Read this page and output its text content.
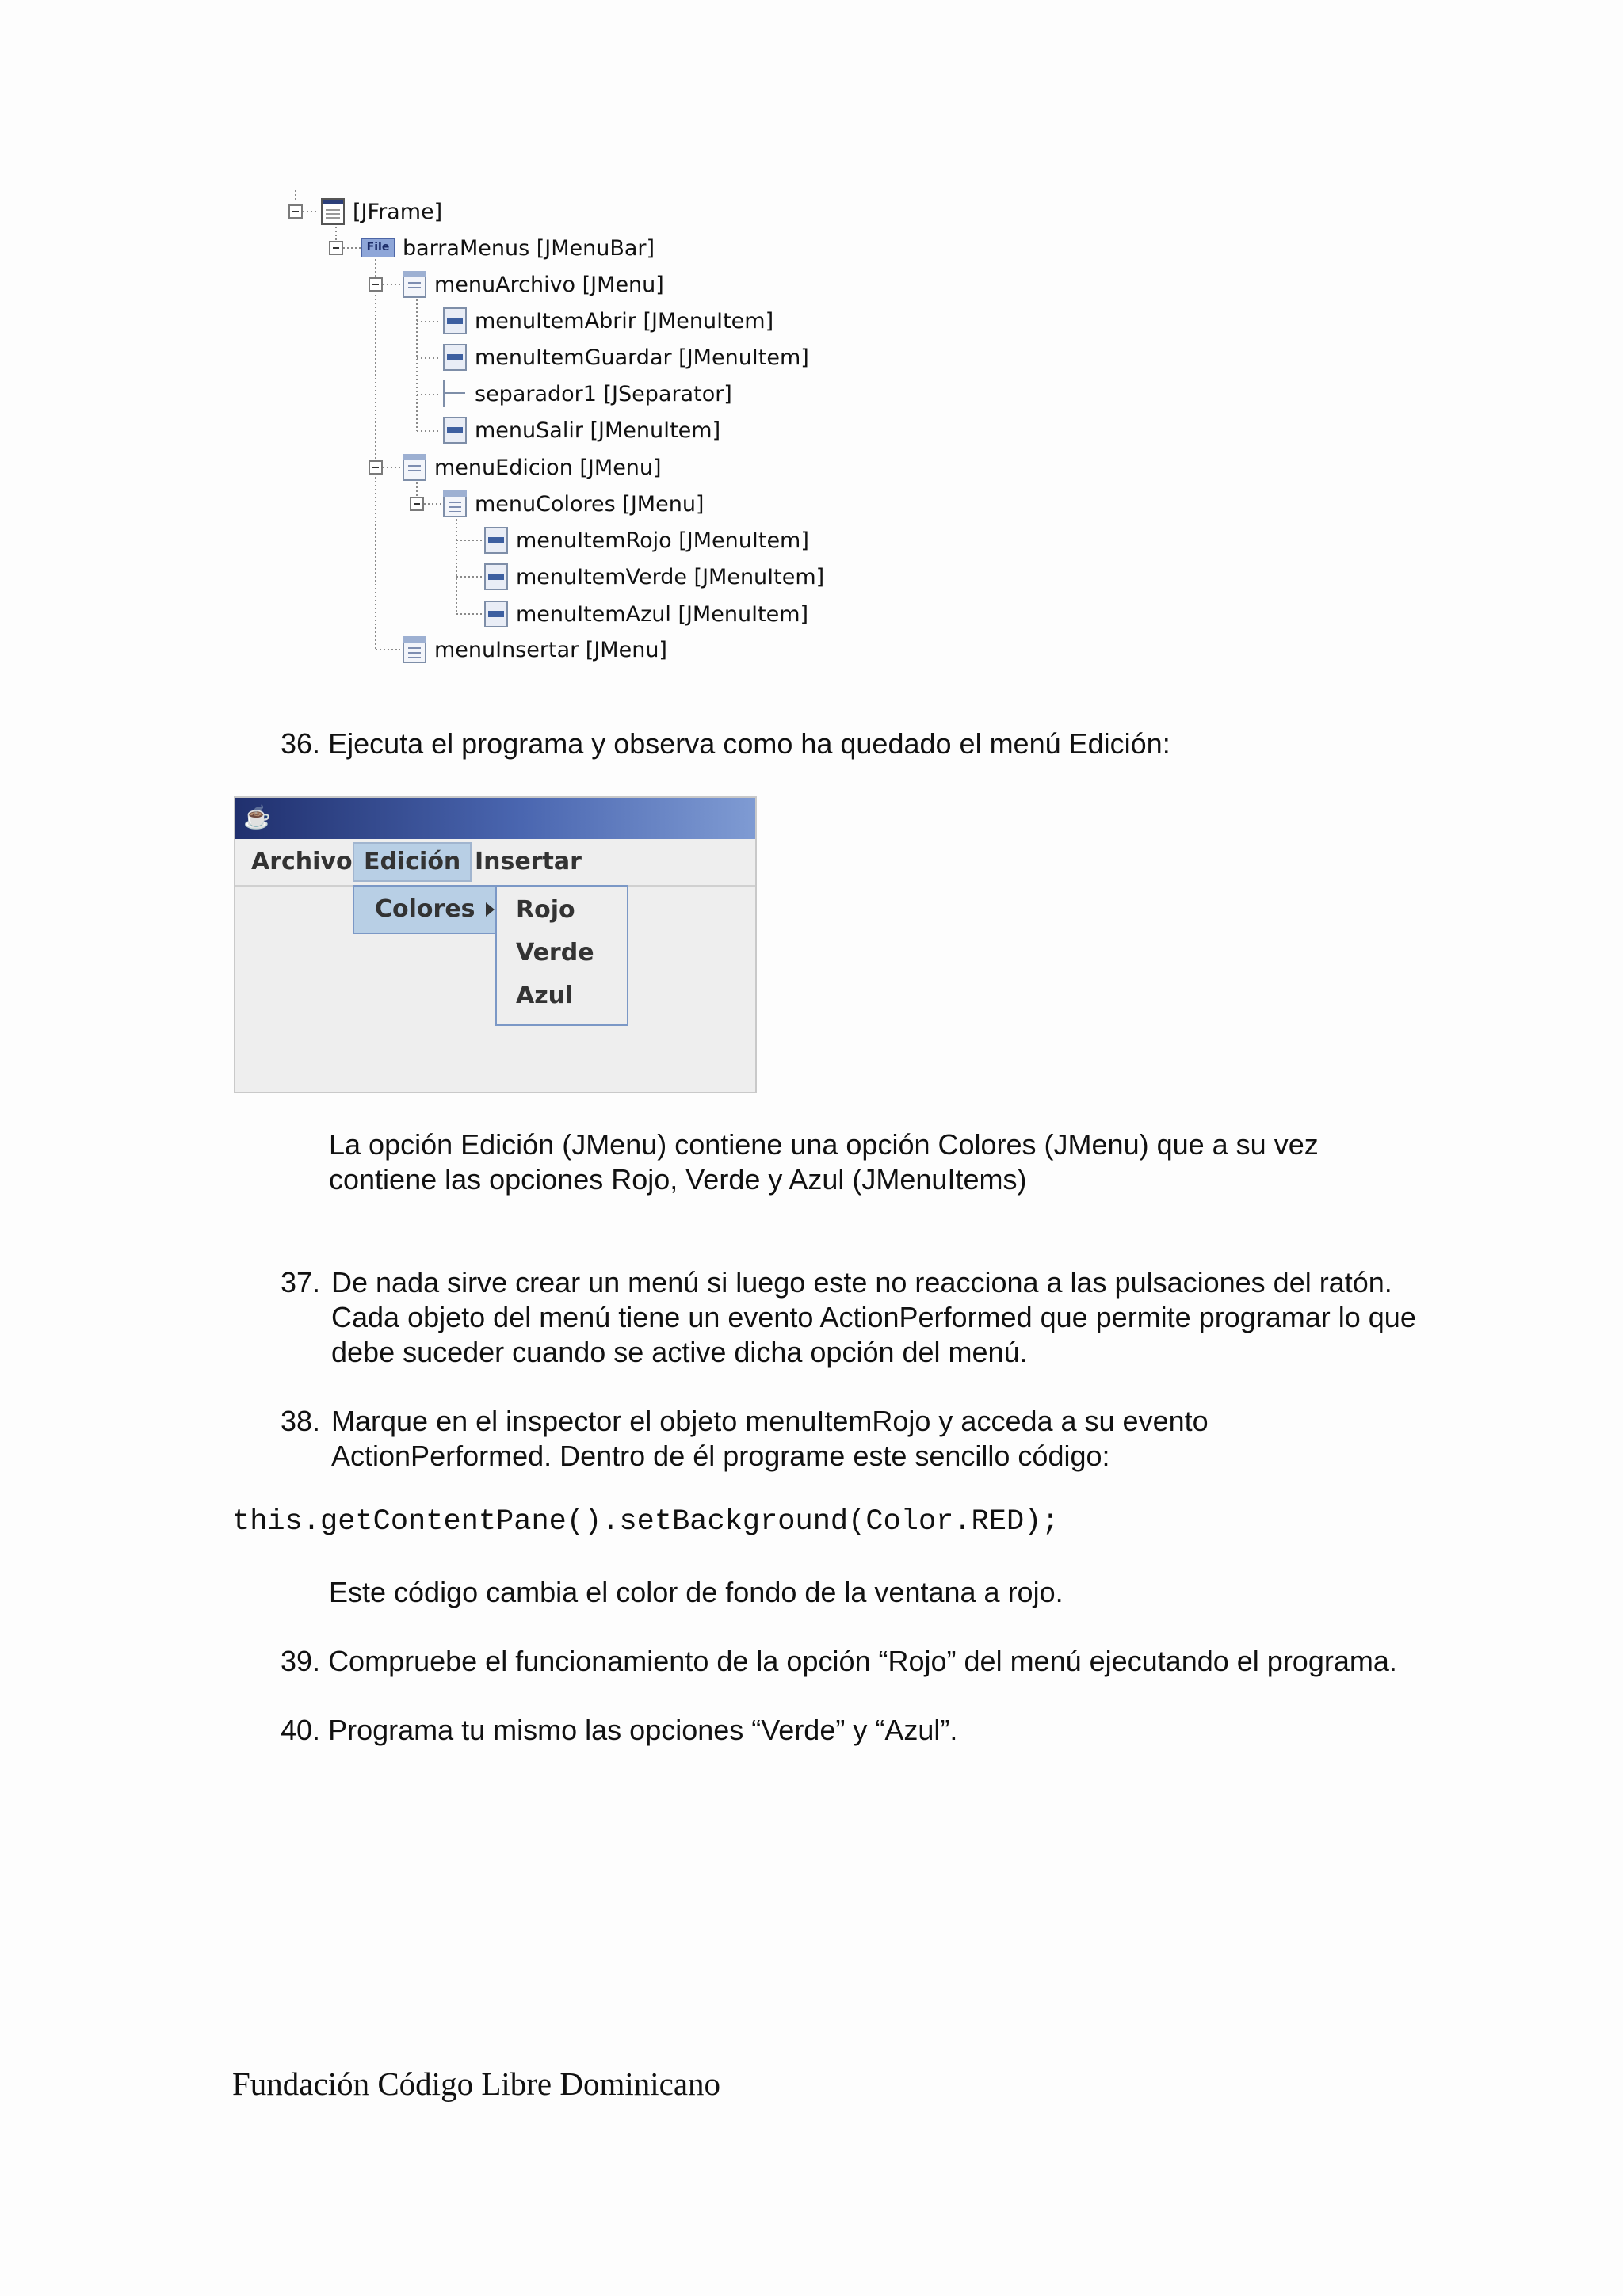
[JFrame]
File barraMenus [JMenuBar]
menuArchivo [JMenu]
menuItemAbrir [JMenuItem]
menuItemGuardar [JMenuItem]
separador1 [JSeparator]
menuSalir [JMenuItem]
menuEdicion [JMenu]
menuColores [JMenu]
menuItemRojo [JMenuItem]
menuItemVerde [JMenuItem]
menuItemAzul [JMenuItem]
menuInsertar [JMenu]
36. Ejecuta el programa y observa como ha quedado el menú Edición:
☕
Archivo Edición Insertar
Colores Rojo
Verde
Azul
La opción Edición (JMenu) contiene una opción Colores (JMenu) que a su vez
contiene las opciones Rojo, Verde y Azul (JMenuItems)
37. De nada sirve crear un menú si luego este no reacciona a las pulsaciones del ratón.
Cada objeto del menú tiene un evento ActionPerformed que permite programar lo que
debe suceder cuando se active dicha opción del menú.
38. Marque en el inspector el objeto menuItemRojo y acceda a su evento
ActionPerformed. Dentro de él programe este sencillo código:
this.getContentPane().setBackground(Color.RED);
Este código cambia el color de fondo de la ventana a rojo.
39. Compruebe el funcionamiento de la opción “Rojo” del menú ejecutando el programa.
40. Programa tu mismo las opciones “Verde” y “Azul”.
Fundación Código Libre Dominicano
